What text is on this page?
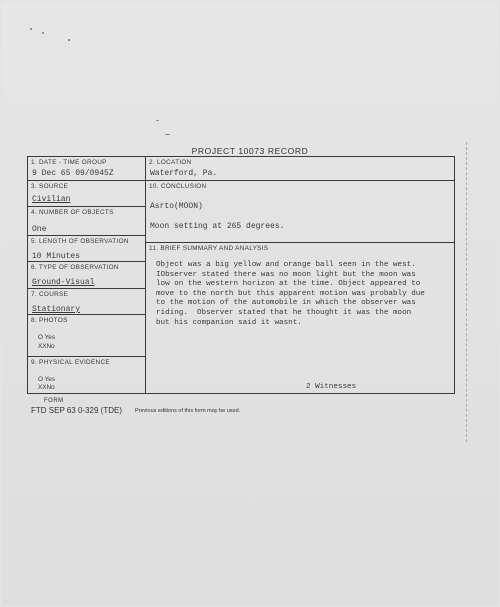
PROJECT 10073 RECORD
1. DATE - TIME GROUP
9 Dec 65 09/0945Z
3. SOURCE
Civilian
4. NUMBER OF OBJECTS
One
5. LENGTH OF OBSERVATION
10 Minutes
6. TYPE OF OBSERVATION
Ground-Visual
7. COURSE
Stationary
8. PHOTOS
O Yes
XXNo
9. PHYSICAL EVIDENCE
O Yes
XXNo
2. LOCATION
Waterford, Pa.
10. CONCLUSION
Asrto(MOON)
Moon setting at 265 degrees.
11. BRIEF SUMMARY AND ANALYSIS
Object was a big yellow and orange ball seen in the west.
IObserver stated there was no moon light but the moon was
low on the western horizon at the time. Object appeared to
move to the north but this apparent motion was probably due
to the motion of the automobile in which the observer was
riding.  Observer stated that he thought it was the moon
but his companion said it wasnt.
2 Witnesses
FORM
FTD SEP 63 0-329 (TDE) Previous editions of this form may be used.
